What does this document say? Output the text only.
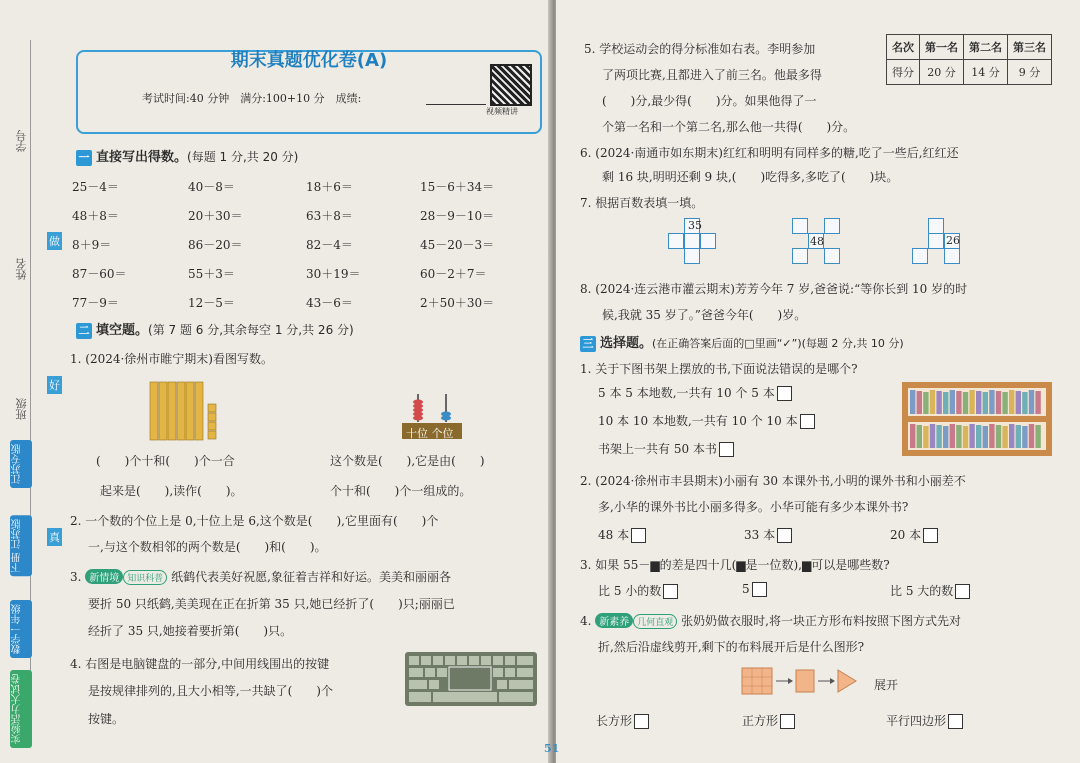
学号
姓名
班级
做
好
真
江苏专版
下册 江苏版
数学一年级
实验活力大试卷
期末真题优化卷(A)
考试时间:40 分钟　满分:100+10 分　成绩:
视频精讲
一 直接写出得数。(每题 1 分,共 20 分)
25－4＝	40－8＝	18＋6＝	15－6＋34＝
48＋8＝	20＋30＝	63＋8＝	28－9－10＝
8＋9＝	86－20＝	82－4＝	45－20－3＝
87－60＝	55＋3＝	30＋19＝	60－2＋7＝
77－9＝	12－5＝	43－6＝	2＋50＋30＝
二 填空题。(第 7 题 6 分,其余每空 1 分,共 26 分)
1. (2024·徐州市睢宁期末)看图写数。
十位 个位
(　　)个十和(　　)个一合
起来是(　　),读作(　　)。
这个数是(　　),它是由(　　)
个十和(　　)个一组成的。
2. 一个数的个位上是 0,十位上是 6,这个数是(　　),它里面有(　　)个
一,与这个数相邻的两个数是(　　)和(　　)。
3. 新情境 知识科普 纸鹤代表美好祝愿,象征着吉祥和好运。美美和丽丽各
要折 50 只纸鹤,美美现在正在折第 35 只,她已经折了(　　)只;丽丽已
经折了 35 只,她接着要折第(　　)只。
4. 右图是电脑键盘的一部分,中间用线围出的按键
是按规律排列的,且大小相等,一共缺了(　　)个
按键。
5. 学校运动会的得分标准如右表。李明参加
了两项比赛,且都进入了前三名。他最多得
(　　)分,最少得(　　)分。如果他得了一
个第一名和一个第二名,那么他一共得(　　)分。
6. (2024·南通市如东期末)红红和明明有同样多的糖,吃了一些后,红红还
剩 16 块,明明还剩 9 块,(　　)吃得多,多吃了(　　)块。
7. 根据百数表填一填。
35
48	26
8. (2024·连云港市灌云期末)芳芳今年 7 岁,爸爸说:“等你长到 10 岁的时
候,我就 35 岁了。”爸爸今年(　　)岁。
三 选择题。(在正确答案后面的□里画“✓”)(每题 2 分,共 10 分)
1. 关于下图书架上摆放的书,下面说法错误的是哪个?
5 本 5 本地数,一共有 10 个 5 本
10 本 10 本地数,一共有 10 个 10 本
书架上一共有 50 本书
2. (2024·徐州市丰县期末)小丽有 30 本课外书,小明的课外书和小丽差不
多,小华的课外书比小丽多得多。小华可能有多少本课外书?
48 本	33 本	20 本
3. 如果 55－▆的差是四十几(▆是一位数),▆可以是哪些数?
比 5 小的数	5	比 5 大的数
4. 新素养 几何直观 张奶奶做衣服时,将一块正方形布料按照下图方式先对
折,然后沿虚线剪开,剩下的布料展开后是什么图形?
展开
长方形	正方形	平行四边形
51
名次	第一名	第二名	第三名
得分	20 分	14 分	9 分
